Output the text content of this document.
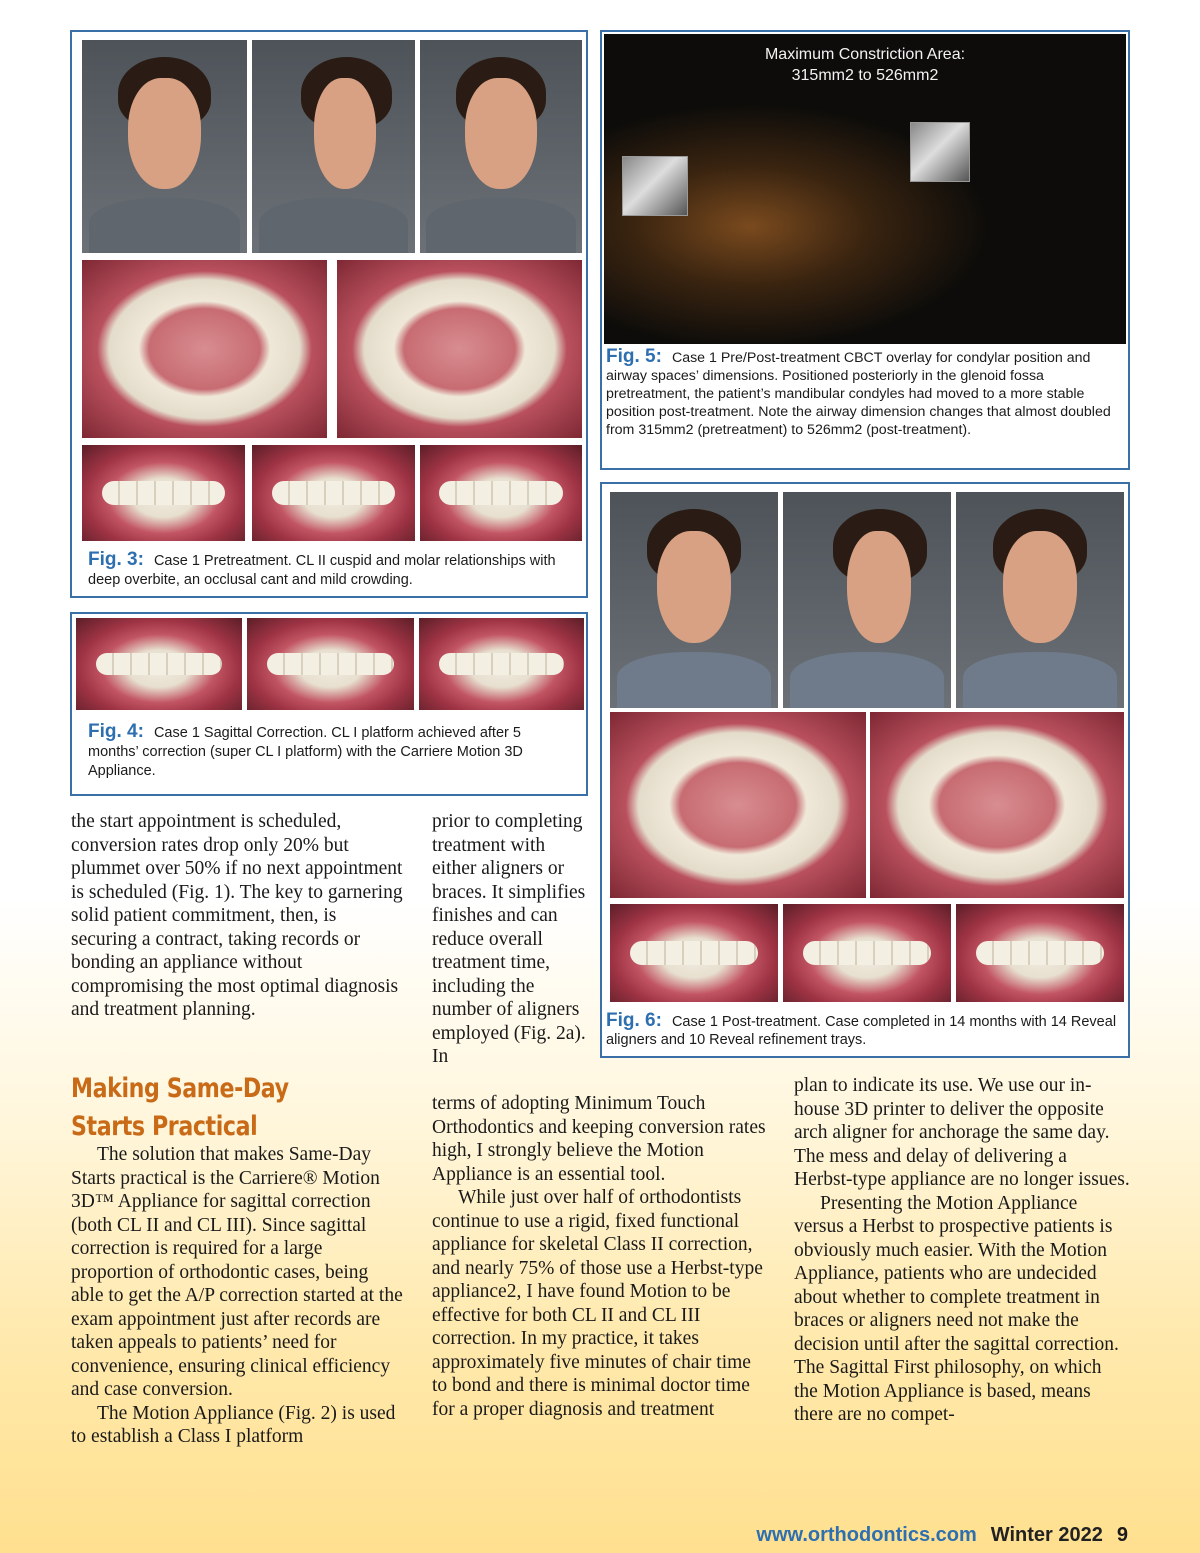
Fig. 3: Case 1 Pretreatment. CL II cuspid and molar relationships with deep overbite, an occlusal cant and mild crowding.
Fig. 4: Case 1 Sagittal Correction. CL I platform achieved after 5 months’ correction (super CL I platform) with the Carriere Motion 3D Appliance.
Maximum Constriction Area:
315mm2 to 526mm2
Fig. 5: Case 1 Pre/Post-treatment CBCT overlay for condylar position and airway spaces’ dimensions. Positioned posteriorly in the glenoid fossa pretreatment, the patient’s mandibular condyles had moved to a more stable position post-treatment. Note the airway dimension changes that almost doubled from 315mm2 (pretreatment) to 526mm2 (post-treatment).
Fig. 6: Case 1 Post-treatment. Case completed in 14 months with 14 Reveal aligners and 10 Reveal refinement trays.

the start appointment is scheduled, conversion rates drop only 20% but plummet over 50% if no next appointment is scheduled (Fig. 1). The key to garnering solid patient commitment, then, is securing a contract, taking records or bonding an appliance without compromising the most optimal diagnosis and treatment planning.

Making Same-Day
Starts Practical

The solution that makes Same-Day Starts practical is the Carriere® Motion 3D™ Appliance for sagittal correction (both CL II and CL III). Since sagittal correction is required for a large proportion of orthodontic cases, being able to get the A/P correction started at the exam appointment just after records are taken appeals to patients’ need for convenience, ensuring clinical efficiency and case conversion.

The Motion Appliance (Fig. 2) is used to establish a Class I platform

prior to completing treatment with either aligners or braces. It simplifies finishes and can reduce overall treatment time, including the number of aligners employed (Fig. 2a). In

terms of adopting Minimum Touch Orthodontics and keeping conversion rates high, I strongly believe the Motion Appliance is an essential tool.

While just over half of orthodontists continue to use a rigid, fixed functional appliance for skeletal Class II correction, and nearly 75% of those use a Herbst-type appliance2, I have found Motion to be effective for both CL II and CL III correction. In my practice, it takes approximately five minutes of chair time to bond and there is minimal doctor time for a proper diagnosis and treatment

plan to indicate its use. We use our in-house 3D printer to deliver the opposite arch aligner for anchorage the same day. The mess and delay of delivering a Herbst-type appliance are no longer issues.

Presenting the Motion Appliance versus a Herbst to prospective patients is obviously much easier. With the Motion Appliance, patients who are undecided about whether to complete treatment in braces or aligners need not make the decision until after the sagittal correction. The Sagittal First philosophy, on which the Motion Appliance is based, means there are no compet-

www.orthodontics.com Winter 2022 9
